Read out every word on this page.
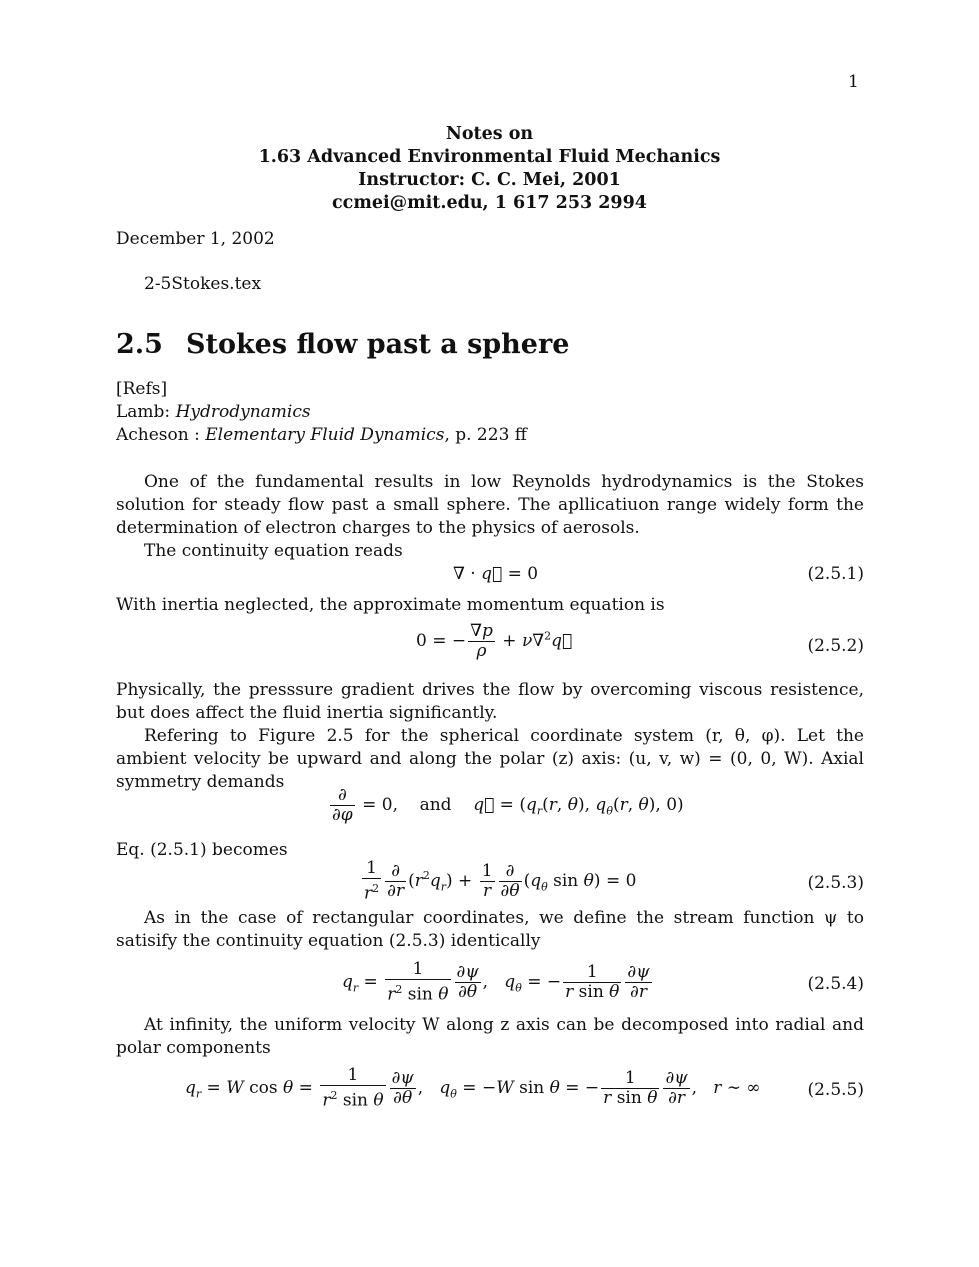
1
Notes on
1.63 Advanced Environmental Fluid Mechanics
Instructor: C. C. Mei, 2001
ccmei@mit.edu, 1 617 253 2994
December 1, 2002
2-5Stokes.tex
2.5 Stokes flow past a sphere
[Refs]
Lamb: Hydrodynamics
Acheson : Elementary Fluid Dynamics, p. 223 ff
One of the fundamental results in low Reynolds hydrodynamics is the Stokes solution for steady flow past a small sphere. The apllicatiuon range widely form the determination of electron charges to the physics of aerosols.
The continuity equation reads
∇ · q⃗ = 0	(2.5.1)
With inertia neglected, the approximate momentum equation is
0 = − $\frac{\nabla p}{\rho}$ + ν∇$^2$q⃗	(2.5.2)
Physically, the presssure gradient drives the flow by overcoming viscous resistence, but does affect the fluid inertia significantly.
Refering to Figure 2.5 for the spherical coordinate system (r, θ, φ). Let the ambient velocity be upward and along the polar (z) axis: (u, v, w) = (0, 0, W). Axial symmetry demands
∂
∂φ = 0,    and q⃗ = ($q_r(r$, θ), $q_\theta(r$, θ), 0)
Eq. (2.5.1) becomes
$\frac{1}{r^2}$ ∂
∂r $(r^2q_r) + \frac{1}{r}$ ∂
∂θ ($q_\theta$ sin θ) = 0	(2.5.3)
As in the case of rectangular coordinates, we define the stream function ψ to satisify the continuity equation (2.5.3) identically
$q_r = \frac{1}{r^2 \sin \theta} \frac{\partial\psi}{\partial\theta}$ ,   $q_\theta$ = − $\frac{1}{\text{r sin θ}} \frac{\partial\psi}{\partial r}$	(2.5.4)
At infinity, the uniform velocity W along z axis can be decomposed into radial and polar components
$q_r = W$ $\cos \theta = \frac{1}{r^2 \sin \theta} \frac{\partial\psi}{\partial\theta}$ ,   $q_\theta = -W$ sin θ = − $\frac{1}{\text{r sin θ}} \frac{\partial\psi}{\partial r}$ ,   r ∼ ∞	(2.5.5)
